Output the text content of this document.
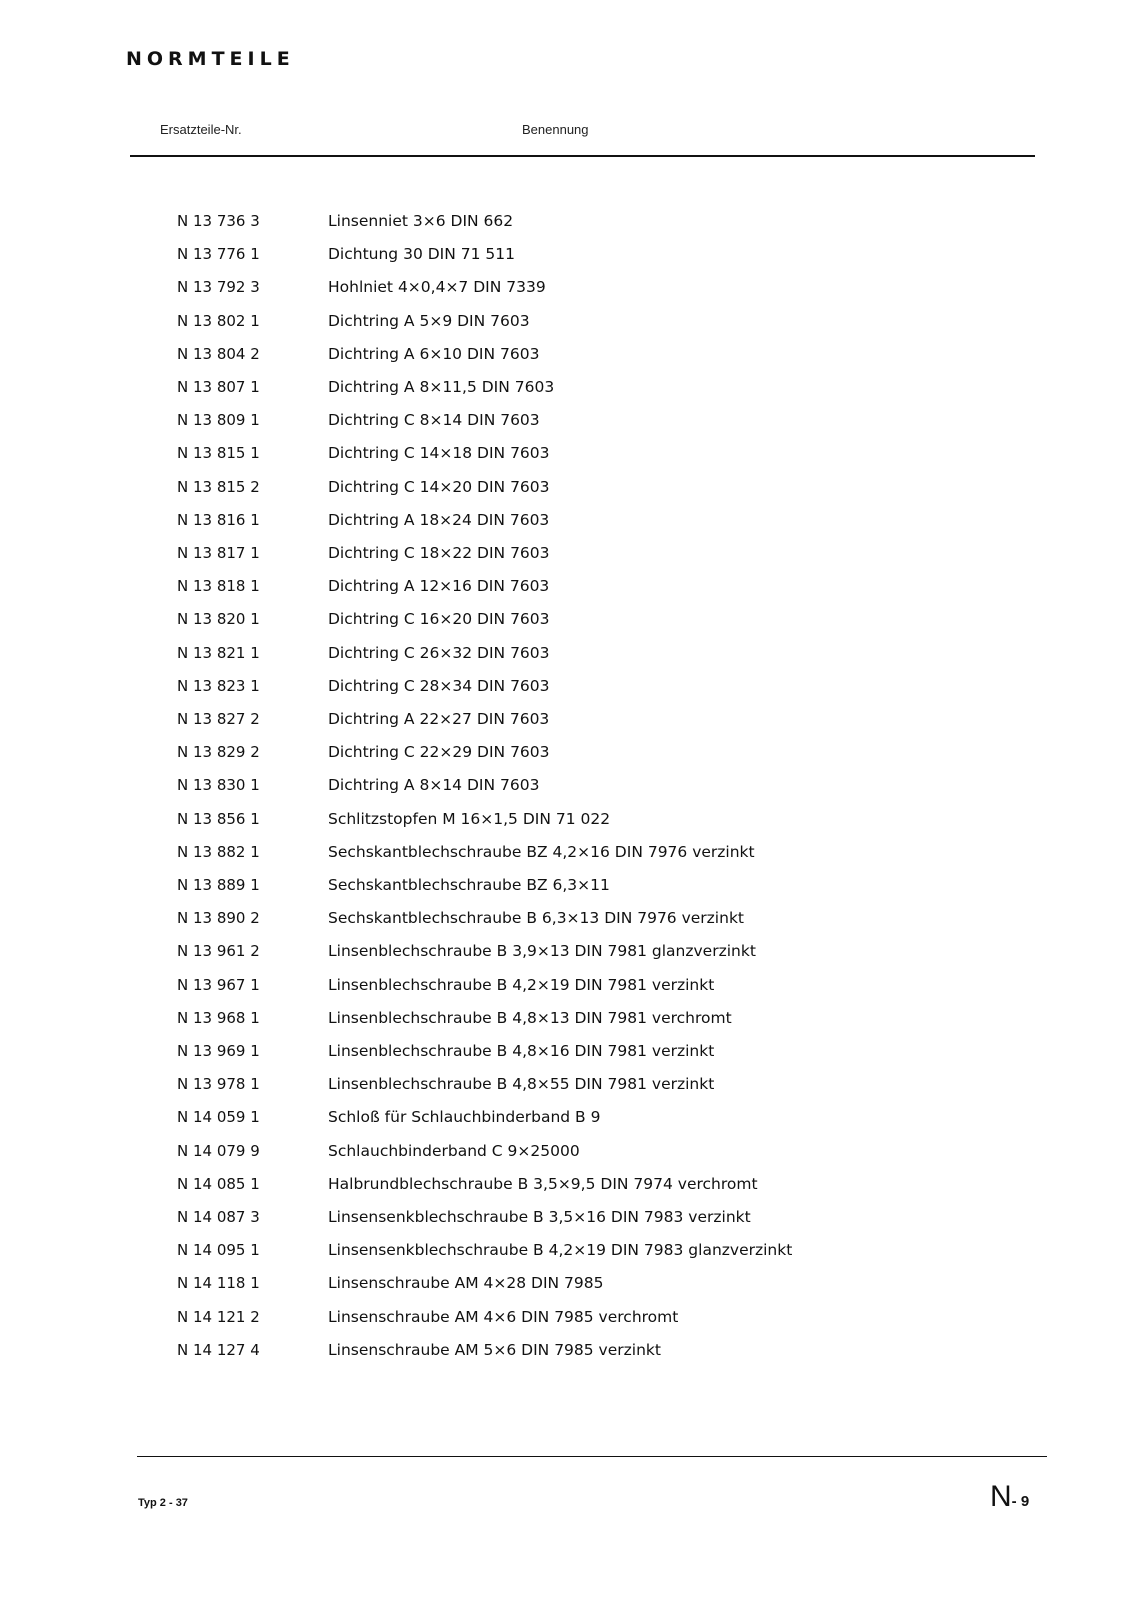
NORMTEILE
Ersatzteile-Nr.	Benennung
N 13 736 3	Linsenniet 3×6 DIN 662
N 13 776 1	Dichtung 30 DIN 71 511
N 13 792 3	Hohlniet 4×0,4×7 DIN 7339
N 13 802 1	Dichtring A 5×9 DIN 7603
N 13 804 2	Dichtring A 6×10 DIN 7603
N 13 807 1	Dichtring A 8×11,5 DIN 7603
N 13 809 1	Dichtring C 8×14 DIN 7603
N 13 815 1	Dichtring C 14×18 DIN 7603
N 13 815 2	Dichtring C 14×20 DIN 7603
N 13 816 1	Dichtring A 18×24 DIN 7603
N 13 817 1	Dichtring C 18×22 DIN 7603
N 13 818 1	Dichtring A 12×16 DIN 7603
N 13 820 1	Dichtring C 16×20 DIN 7603
N 13 821 1	Dichtring C 26×32 DIN 7603
N 13 823 1	Dichtring C 28×34 DIN 7603
N 13 827 2	Dichtring A 22×27 DIN 7603
N 13 829 2	Dichtring C 22×29 DIN 7603
N 13 830 1	Dichtring A 8×14 DIN 7603
N 13 856 1	Schlitzstopfen M 16×1,5 DIN 71 022
N 13 882 1	Sechskantblechschraube BZ 4,2×16 DIN 7976 verzinkt
N 13 889 1	Sechskantblechschraube BZ 6,3×11
N 13 890 2	Sechskantblechschraube B 6,3×13 DIN 7976 verzinkt
N 13 961 2	Linsenblechschraube B 3,9×13 DIN 7981 glanzverzinkt
N 13 967 1	Linsenblechschraube B 4,2×19 DIN 7981 verzinkt
N 13 968 1	Linsenblechschraube B 4,8×13 DIN 7981 verchromt
N 13 969 1	Linsenblechschraube B 4,8×16 DIN 7981 verzinkt
N 13 978 1	Linsenblechschraube B 4,8×55 DIN 7981 verzinkt
N 14 059 1	Schloß für Schlauchbinderband B 9
N 14 079 9	Schlauchbinderband C 9×25000
N 14 085 1	Halbrundblechschraube B 3,5×9,5 DIN 7974 verchromt
N 14 087 3	Linsensenkblechschraube B 3,5×16 DIN 7983 verzinkt
N 14 095 1	Linsensenkblechschraube B 4,2×19 DIN 7983 glanzverzinkt
N 14 118 1	Linsenschraube AM 4×28 DIN 7985
N 14 121 2	Linsenschraube AM 4×6 DIN 7985 verchromt
N 14 127 4	Linsenschraube AM 5×6 DIN 7985 verzinkt
Typ 2 - 37	N- 9
